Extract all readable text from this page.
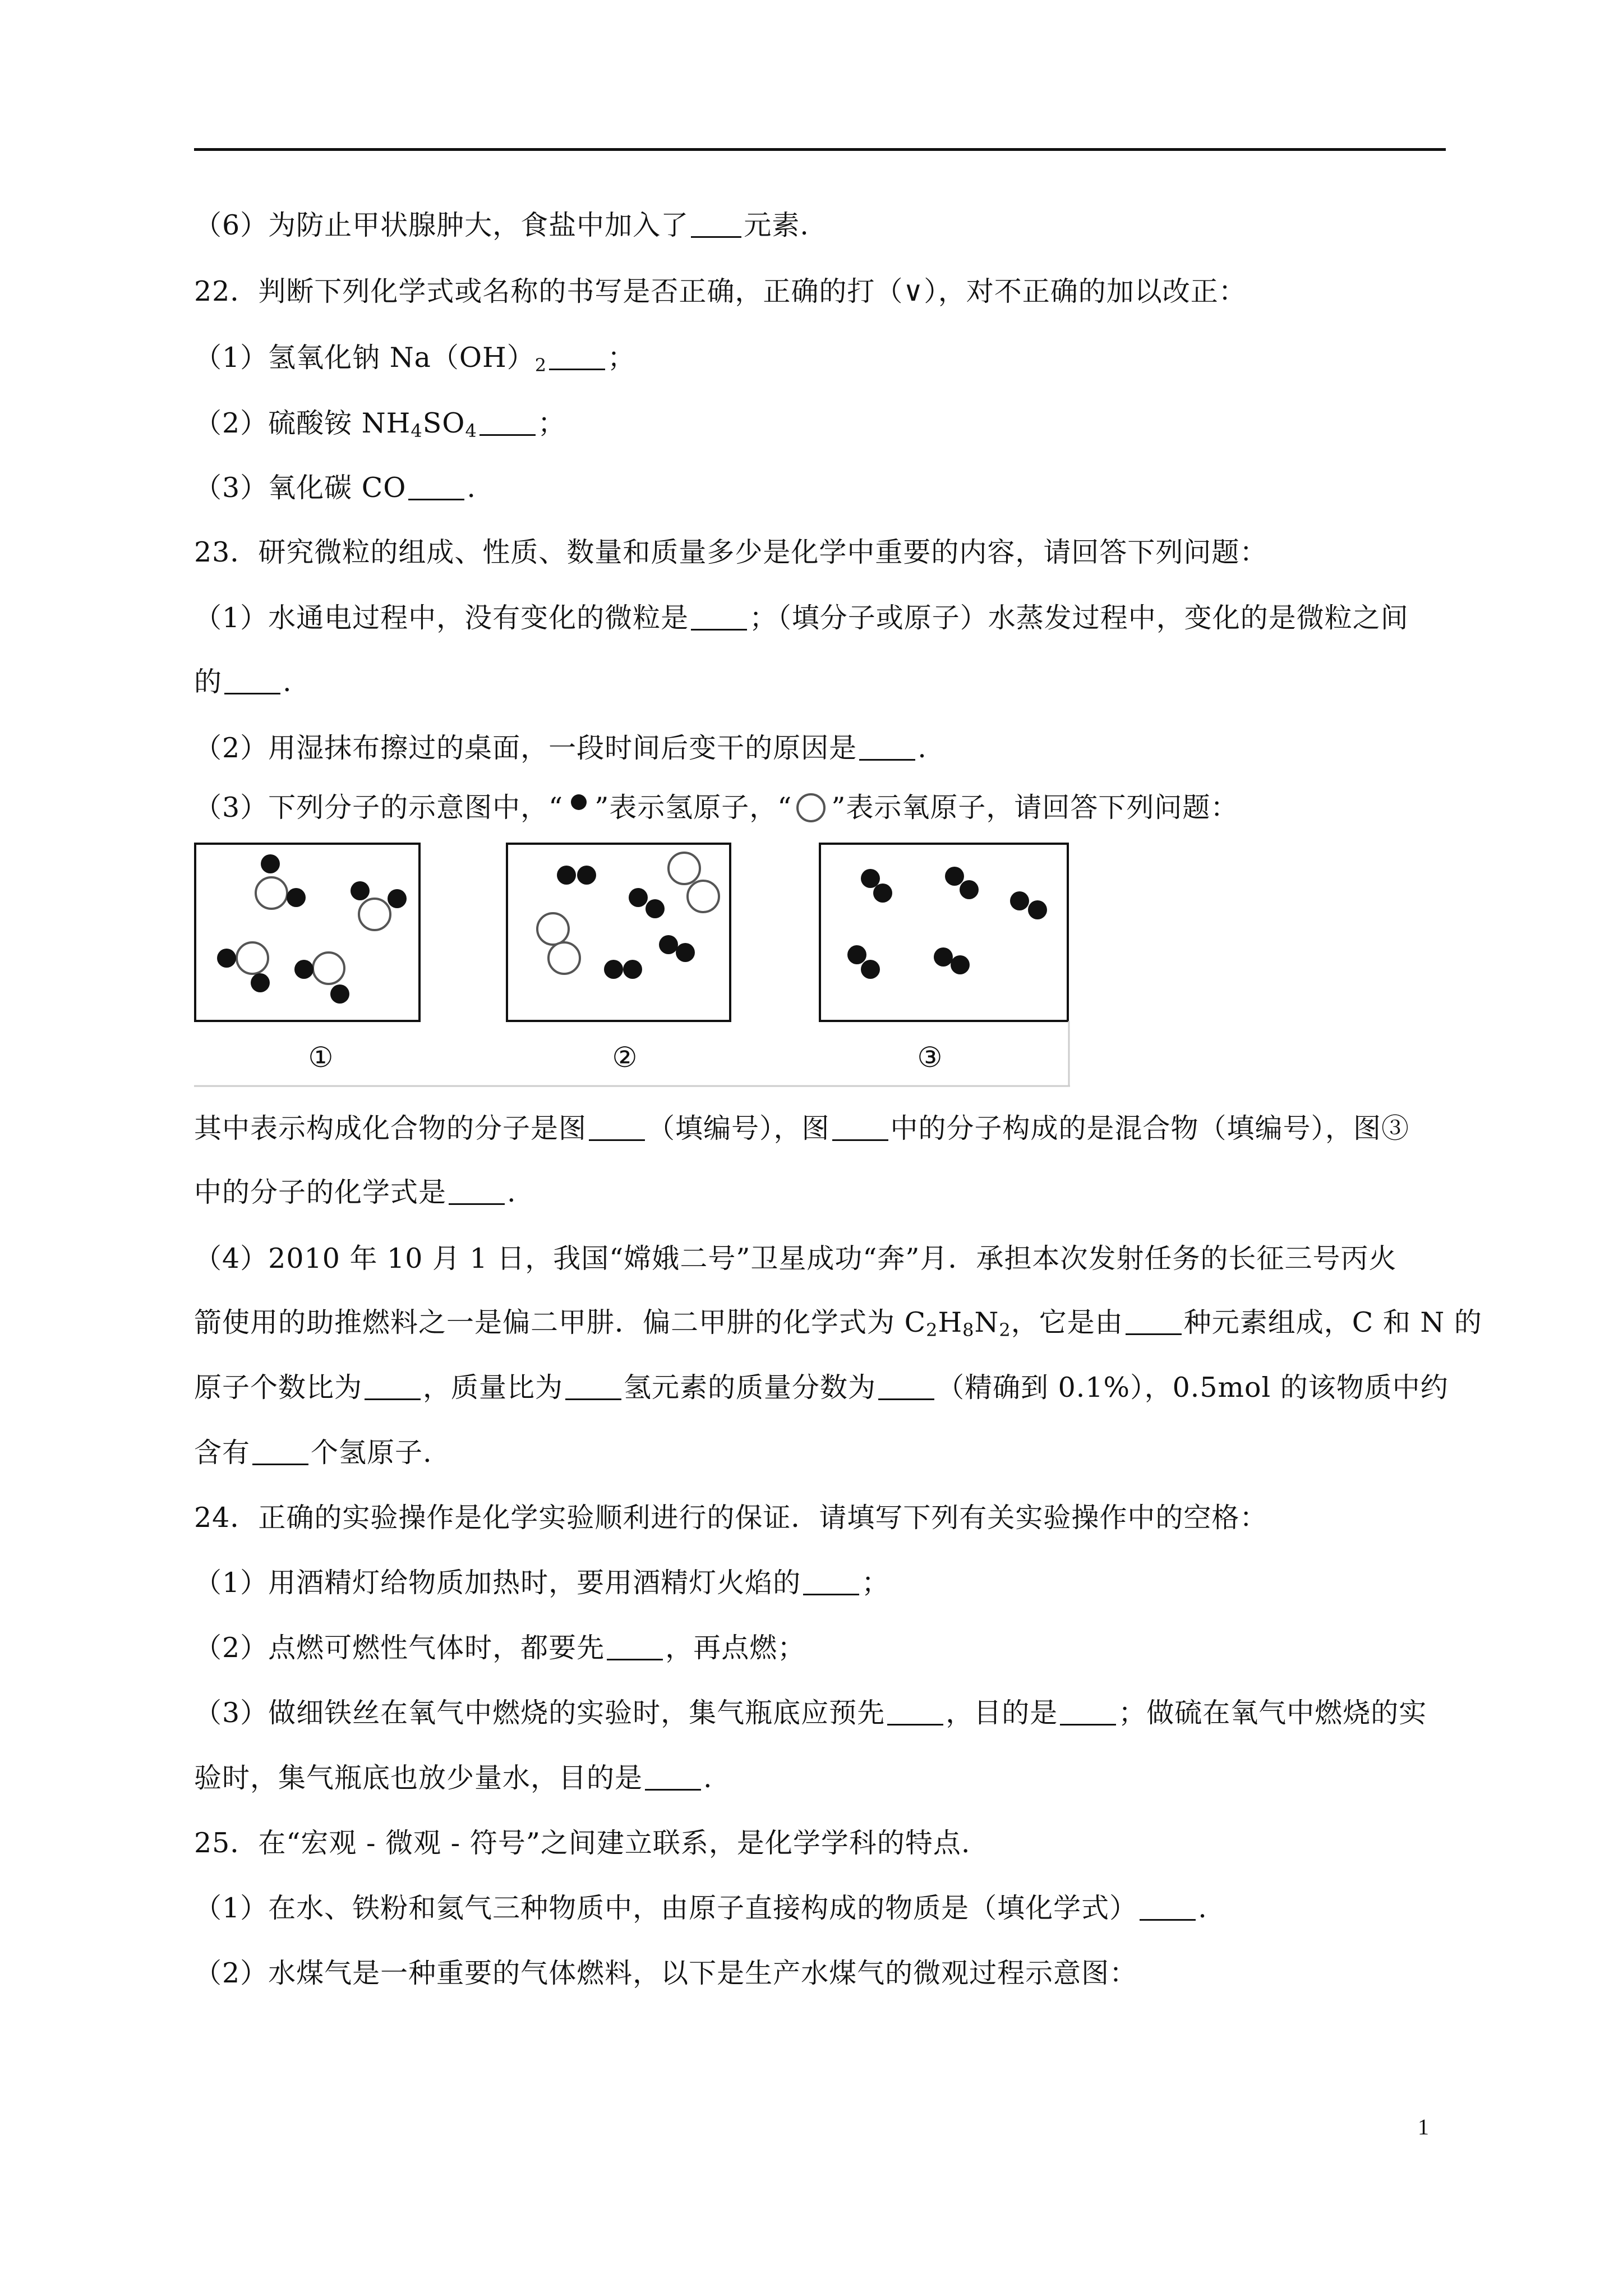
（6）为防止甲状腺肿大，食盐中加入了 元素.
22．判断下列化学式或名称的书写是否正确，正确的打（∨），对不正确的加以改正：
（1）氢氧化钠 $Na(OH)_2$ ；
（2）硫酸铵 $NH_4SO_4$ ；
（3）氧化碳 CO .
23．研究微粒的组成、性质、数量和质量多少是化学中重要的内容，请回答下列问题：
（1）水通电过程中，没有变化的微粒是 ；（填分子或原子）水蒸发过程中，变化的是微粒之间
的 .
（2）用湿抹布擦过的桌面，一段时间后变干的原因是 .
（3）下列分子的示意图中，“ ”表示氢原子，“ ”表示氧原子，请回答下列问题：
①	②	③
其中表示构成化合物的分子是图 （填编号），图 中的分子构成的是混合物（填编号），图③
中的分子的化学式是 .
（4）2010 年 10 月 1 日，我国“嫦娥二号”卫星成功“奔”月．承担本次发射任务的长征三号丙火
箭使用的助推燃料之一是偏二甲肼．偏二甲肼的化学式为 $C_2H_8N_2$，它是由 种元素组成，C 和 N 的
原子个数比为 ，质量比为 氢元素的质量分数为 （精确到 0.1%），0.5mol 的该物质中约
含有 个氢原子.
24．正确的实验操作是化学实验顺利进行的保证．请填写下列有关实验操作中的空格：
（1）用酒精灯给物质加热时，要用酒精灯火焰的 ；
（2）点燃可燃性气体时，都要先 ，再点燃；
（3）做细铁丝在氧气中燃烧的实验时，集气瓶底应预先 ，目的是 ；做硫在氧气中燃烧的实
验时，集气瓶底也放少量水，目的是 .
25．在“宏观 - 微观 - 符号”之间建立联系，是化学学科的特点.
（1）在水、铁粉和氦气三种物质中，由原子直接构成的物质是（填化学式） .
（2）水煤气是一种重要的气体燃料，以下是生产水煤气的微观过程示意图：
1
